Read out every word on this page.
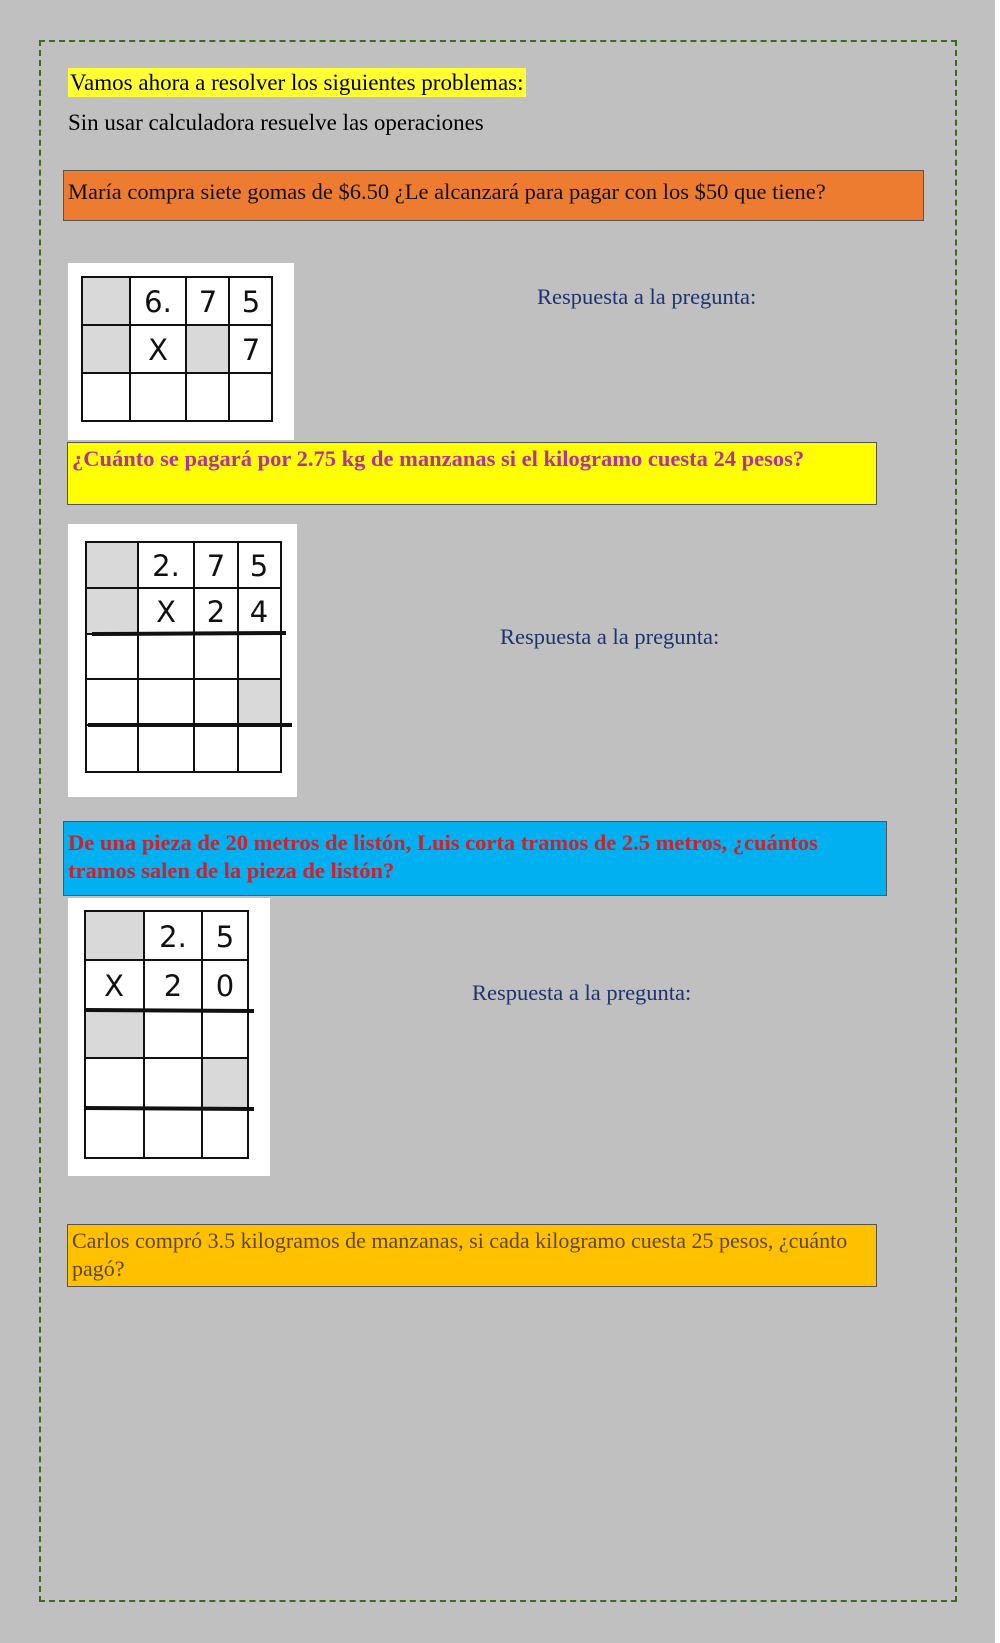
Vamos ahora a resolver los siguientes problemas:
Sin usar calculadora resuelve las operaciones
María compra siete gomas de $6.50 ¿Le alcanzará para pagar con los $50 que tiene?
6. 7 5
X	7
Respuesta a la pregunta:
¿Cuánto se pagará por 2.75 kg de manzanas si el kilogramo cuesta 24 pesos?
2. 7 5
X 2 4
Respuesta a la pregunta:
De una pieza de 20 metros de listón, Luis corta tramos de 2.5 metros, ¿cuántos tramos salen de la pieza de listón?
2. 5
X 2 0	Respuesta a la pregunta:
Carlos compró 3.5 kilogramos de manzanas, si cada kilogramo cuesta 25 pesos, ¿cuánto pagó?
